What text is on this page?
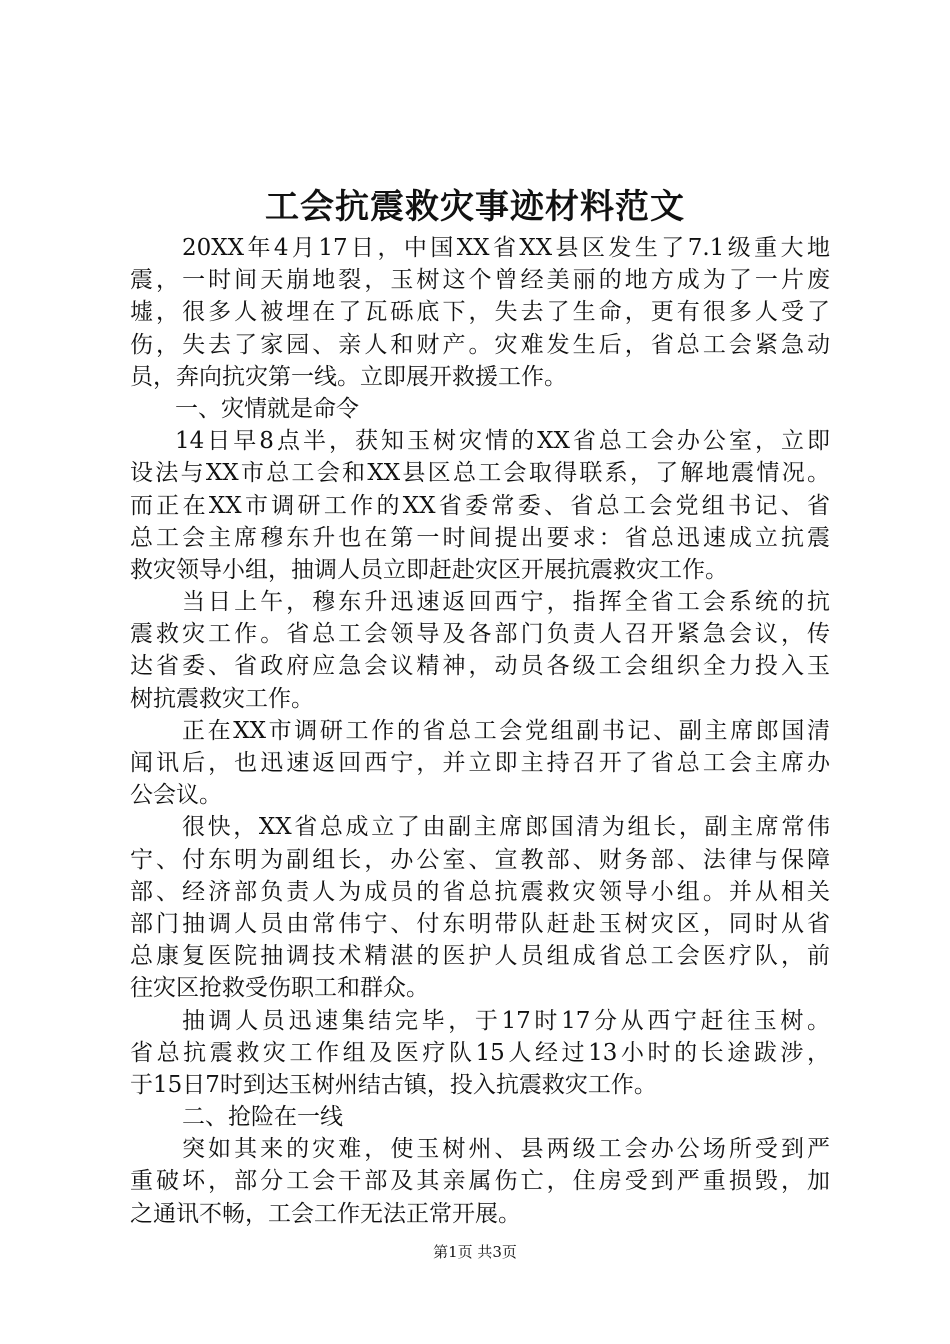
工会抗震救灾事迹材料范文
20XX年4月17日，中国XX省XX县区发生了7.1级重大地
震，一时间天崩地裂，玉树这个曾经美丽的地方成为了一片废
墟，很多人被埋在了瓦砾底下，失去了生命，更有很多人受了
伤，失去了家园、亲人和财产。灾难发生后，省总工会紧急动
员，奔向抗灾第一线。立即展开救援工作。
一、灾情就是命令
14日早8点半，获知玉树灾情的XX省总工会办公室，立即
设法与XX市总工会和XX县区总工会取得联系，了解地震情况。
而正在XX市调研工作的XX省委常委、省总工会党组书记、省
总工会主席穆东升也在第一时间提出要求：省总迅速成立抗震
救灾领导小组，抽调人员立即赶赴灾区开展抗震救灾工作。
当日上午，穆东升迅速返回西宁，指挥全省工会系统的抗
震救灾工作。省总工会领导及各部门负责人召开紧急会议，传
达省委、省政府应急会议精神，动员各级工会组织全力投入玉
树抗震救灾工作。
正在XX市调研工作的省总工会党组副书记、副主席郎国清
闻讯后，也迅速返回西宁，并立即主持召开了省总工会主席办
公会议。
很快，XX省总成立了由副主席郎国清为组长，副主席常伟
宁、付东明为副组长，办公室、宣教部、财务部、法律与保障
部、经济部负责人为成员的省总抗震救灾领导小组。并从相关
部门抽调人员由常伟宁、付东明带队赶赴玉树灾区，同时从省
总康复医院抽调技术精湛的医护人员组成省总工会医疗队，前
往灾区抢救受伤职工和群众。
抽调人员迅速集结完毕，于17时17分从西宁赶往玉树。
省总抗震救灾工作组及医疗队15人经过13小时的长途跋涉，
于15日7时到达玉树州结古镇，投入抗震救灾工作。
二、抢险在一线
突如其来的灾难，使玉树州、县两级工会办公场所受到严
重破坏，部分工会干部及其亲属伤亡，住房受到严重损毁，加
之通讯不畅，工会工作无法正常开展。
第1页 共3页
